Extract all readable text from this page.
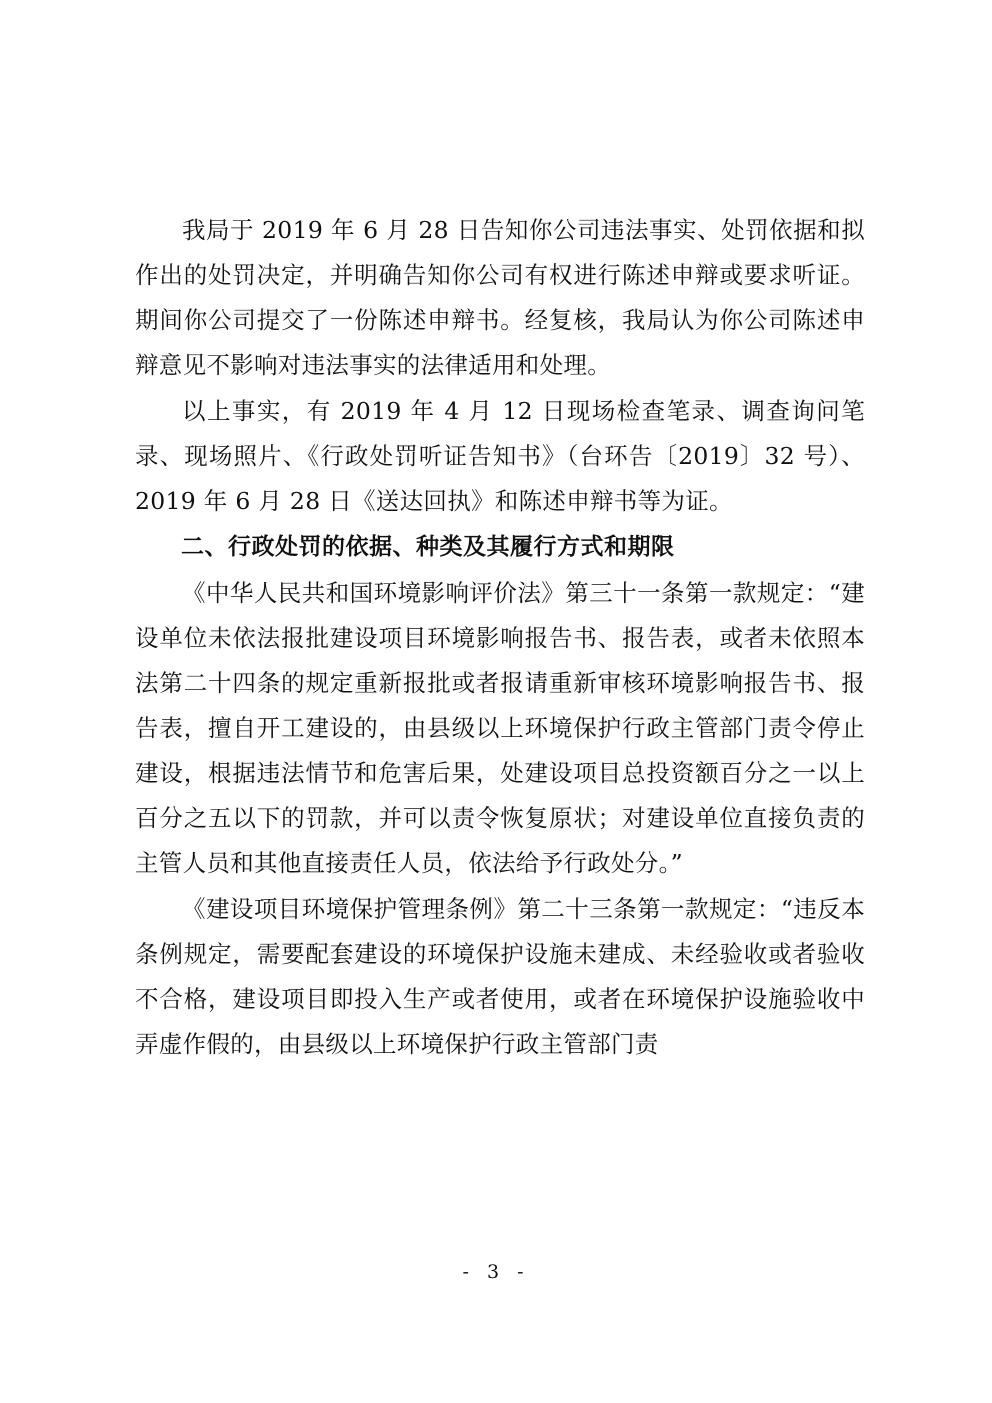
我局于 2019 年 6 月 28 日告知你公司违法事实、处罚依据和拟作出的处罚决定，并明确告知你公司有权进行陈述申辩或要求听证。期间你公司提交了一份陈述申辩书。经复核，我局认为你公司陈述申辩意见不影响对违法事实的法律适用和处理。

以上事实，有 2019 年 4 月 12 日现场检查笔录、调查询问笔录、现场照片、《行政处罚听证告知书》（台环告〔2019〕32 号）、2019 年 6 月 28 日《送达回执》和陈述申辩书等为证。

二、行政处罚的依据、种类及其履行方式和期限

《中华人民共和国环境影响评价法》第三十一条第一款规定：“建设单位未依法报批建设项目环境影响报告书、报告表，或者未依照本法第二十四条的规定重新报批或者报请重新审核环境影响报告书、报告表，擅自开工建设的，由县级以上环境保护行政主管部门责令停止建设，根据违法情节和危害后果，处建设项目总投资额百分之一以上百分之五以下的罚款，并可以责令恢复原状；对建设单位直接负责的主管人员和其他直接责任人员，依法给予行政处分。”

《建设项目环境保护管理条例》第二十三条第一款规定：“违反本条例规定，需要配套建设的环境保护设施未建成、未经验收或者验收不合格，建设项目即投入生产或者使用，或者在环境保护设施验收中弄虚作假的，由县级以上环境保护行政主管部门责

- 3 -
